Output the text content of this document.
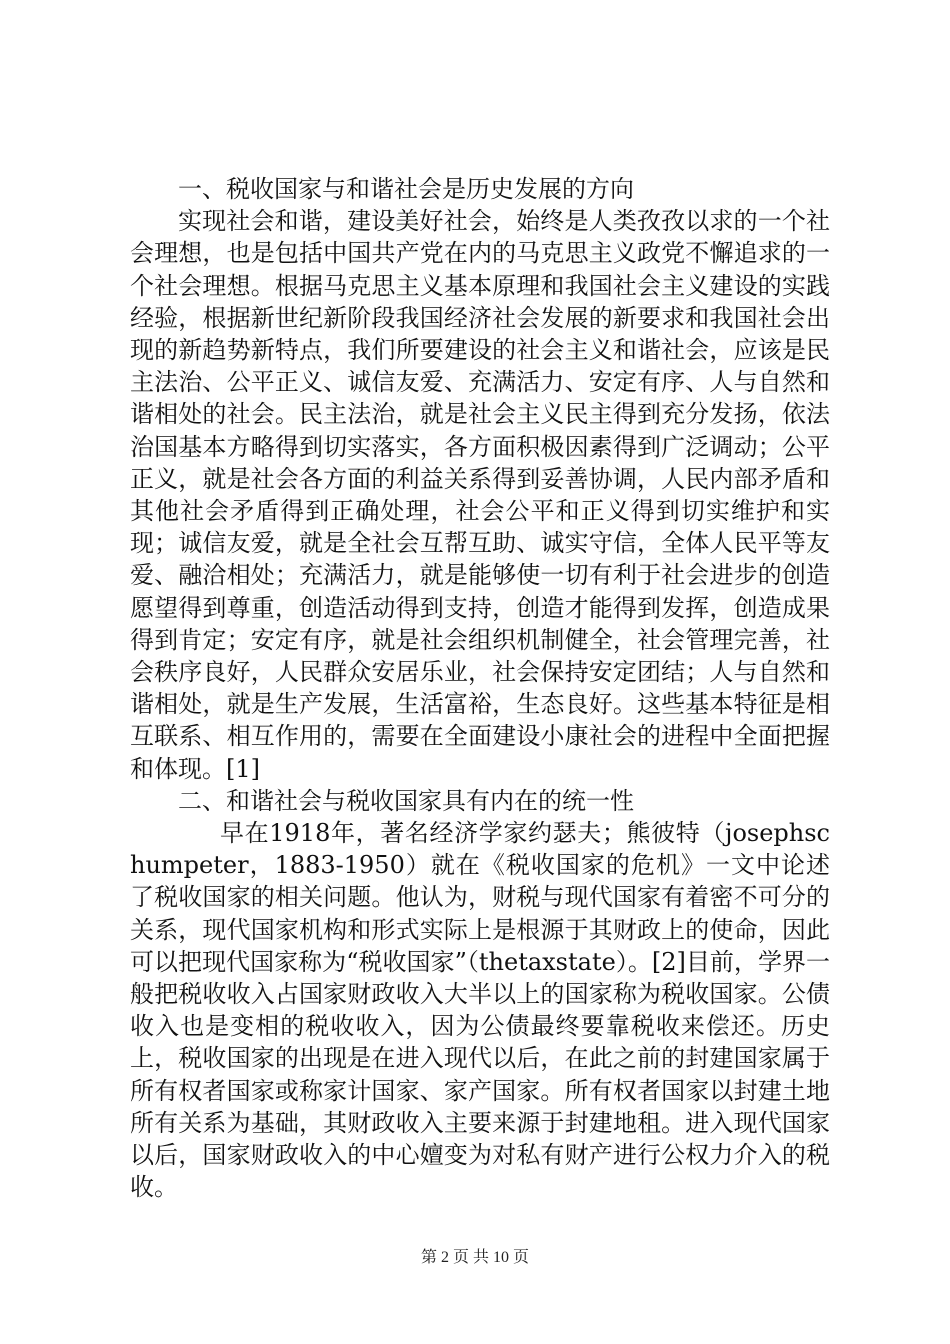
一、税收国家与和谐社会是历史发展的方向

实现社会和谐，建设美好社会，始终是人类孜孜以求的一个社会理想，也是包括中国共产党在内的马克思主义政党不懈追求的一个社会理想。根据马克思主义基本原理和我国社会主义建设的实践经验，根据新世纪新阶段我国经济社会发展的新要求和我国社会出现的新趋势新特点，我们所要建设的社会主义和谐社会，应该是民主法治、公平正义、诚信友爱、充满活力、安定有序、人与自然和谐相处的社会。民主法治，就是社会主义民主得到充分发扬，依法治国基本方略得到切实落实，各方面积极因素得到广泛调动；公平正义，就是社会各方面的利益关系得到妥善协调，人民内部矛盾和其他社会矛盾得到正确处理，社会公平和正义得到切实维护和实现；诚信友爱，就是全社会互帮互助、诚实守信，全体人民平等友爱、融洽相处；充满活力，就是能够使一切有利于社会进步的创造愿望得到尊重，创造活动得到支持，创造才能得到发挥，创造成果得到肯定；安定有序，就是社会组织机制健全，社会管理完善，社会秩序良好，人民群众安居乐业，社会保持安定团结；人与自然和谐相处，就是生产发展，生活富裕，生态良好。这些基本特征是相互联系、相互作用的，需要在全面建设小康社会的进程中全面把握和体现。[1]

二、和谐社会与税收国家具有内在的统一性

早在1918年，著名经济学家约瑟夫；熊彼特（josephschumpeter，1883-1950）就在《税收国家的危机》一文中论述了税收国家的相关问题。他认为，财税与现代国家有着密不可分的关系，现代国家机构和形式实际上是根源于其财政上的使命，因此可以把现代国家称为“税收国家”（thetaxstate）。[2]目前，学界一般把税收收入占国家财政收入大半以上的国家称为税收国家。公债收入也是变相的税收收入，因为公债最终要靠税收来偿还。历史上，税收国家的出现是在进入现代以后，在此之前的封建国家属于所有权者国家或称家计国家、家产国家。所有权者国家以封建土地所有关系为基础，其财政收入主要来源于封建地租。进入现代国家以后，国家财政收入的中心嬗变为对私有财产进行公权力介入的税收。

第 2 页 共 10 页
